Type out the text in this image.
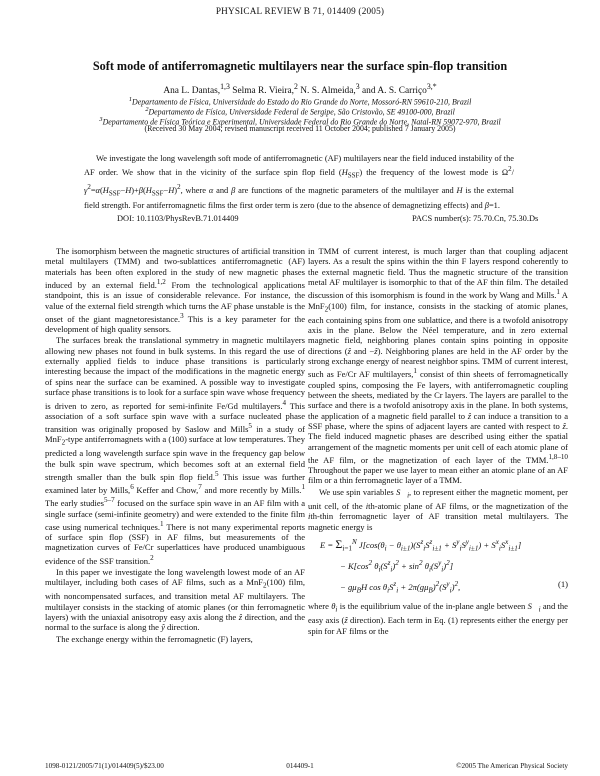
PHYSICAL REVIEW B 71, 014409 (2005)
Soft mode of antiferromagnetic multilayers near the surface spin-flop transition
Ana L. Dantas,$^{1,3}$ Selma R. Vieira,$^2$ N. S. Almeida,$^3$ and A. S. Carriço$^{3,*}$
$^1$Departamento de Física, Universidade do Estado do Rio Grande do Norte, Mossoró-RN 59610-210, Brazil
$^2$Departamento de Física, Universidade Federal de Sergipe, São Cristovão, SE 49100-000, Brazil
$^3$Departamento de Física Teórica e Experimental, Universidade Federal do Rio Grande do Norte, Natal-RN 59072-970, Brazil
(Received 30 May 2004; revised manuscript received 11 October 2004; published 7 January 2005)
We investigate the long wavelength soft mode of antiferromagnetic (AF) multilayers near the field induced instability of the AF order. We show that in the vicinity of the surface spin flop field $(H_{SSF})$ the frequency of the lowest mode is $\Omega^2/\gamma^2=\alpha(H_{SSF}-H)+\beta(H_{SSF}-H)^2$, where α and β are functions of the magnetic parameters of the multilayer and H is the external field strength. For antiferromagnetic films the first order term is zero (due to the absence of demagnetizing effects) and β=1.
DOI: 10.1103/PhysRevB.71.014409	PACS number(s): 75.70.Cn, 75.30.Ds

The isomorphism between the magnetic structures of artificial transition metal multilayers (TMM) and two-sublattices antiferromagnetic (AF) materials has been often explored in the study of new magnetic phases induced by an external field.$^{1,2}$ From the technological applications standpoint, this is an issue of considerable relevance. For instance, the value of the external field strength which turns the AF phase unstable is the onset of the giant magnetoresistance.$^3$ This is a key parameter for the development of high quality sensors.

The surfaces break the translational symmetry in magnetic multilayers allowing new phases not found in bulk systems. In this regard the use of externally applied fields to induce phase transitions is particularly interesting because the impact of the modifications in the magnetic energy of spins near the surface can be examined. A possible way to investigate surface phase transitions is to look for a surface spin wave whose frequency is driven to zero, as reported for semi-infinite Fe/Gd multilayers.$^4$ This association of a soft surface spin wave with a surface nucleated phase transition was originally proposed by Saslow and Mills$^5$ in a study of MnF$_2$-type antiferromagnets with a (100) surface at low temperatures. They predicted a long wavelength surface spin wave in the frequency gap below the bulk spin wave spectrum, which becomes soft at an external field strength smaller than the bulk spin flop field.$^5$ This issue was further examined later by Mills,$^6$ Keffer and Chow,$^7$ and more recently by Mills.$^1$ The early studies$^{5-7}$ focused on the surface spin wave in an AF film with a single surface (semi-infinite geometry) and were extended to the finite film case using numerical techniques.$^1$ There is not many experimental reports of surface spin flop (SSF) in AF films, but measurements of the magnetization curves of Fe/Cr superlattices have produced unambiguous evidence of the SSF transition.$^2$

In this paper we investigate the long wavelength lowest mode of an AF multilayer, including both cases of AF films, such as a MnF$_2$(100) film, with noncompensated surfaces, and transition metal AF multilayers. The multilayer consists in the stacking of atomic planes (or thin ferromagnetic layers) with the uniaxial anisotropy easy axis along the ẑ direction, and the normal to the surface is along the ŷ direction.

The exchange energy within the ferromagnetic (F) layers,

in TMM of current interest, is much larger than that coupling adjacent layers. As a result the spins within the thin F layers respond coherently to the external magnetic field. Thus the magnetic structure of the transition metal AF multilayer is isomorphic to that of the AF thin film. The detailed discussion of this isomorphism is found in the work by Wang and Mills.$^1$ A MnF$_2$(100) film, for instance, consists in the stacking of atomic planes, each containing spins from one sublattice, and there is a twofold anisotropy axis in the plane. Below the Néel temperature, and in zero external magnetic field, neighboring planes contain spins pointing in opposite directions (ẑ and −ẑ). Neighboring planes are held in the AF order by the strong exchange energy of nearest neighbor spins. TMM of current interest, such as Fe/Cr AF multilayers,$^1$ consist of thin sheets of ferromagnetically coupled spins, composing the Fe layers, with antiferromagnetic coupling between the sheets, mediated by the Cr layers. The layers are parallel to the surface and there is a twofold anisotropy axis in the plane. In both systems, the application of a magnetic field parallel to ẑ can induce a transition to a SSF phase, where the spins of adjacent layers are canted with respect to ẑ. The field induced magnetic phases are described using either the spatial arrangement of the magnetic moments per unit cell of each atomic plane of the AF film, or the magnetization of each layer of the TMM.$^{1,8-10}$ Throughout the paper we use layer to mean either an atomic plane of an AF film or a thin ferromagnetic layer of a TMM.

We use spin variables $S⃗_i$, to represent either the magnetic moment, per unit cell, of the ith-atomic plane of AF films, or the magnetization of the ith-thin ferromagnetic layer of AF transition metal multilayers. The magnetic energy is

$E = \Sigma_{i=1}^N$ $J[\cos(\theta_i - \theta_{i\pm 1})(S^z_iS^z_{i\pm 1} + S^y_iS^y_{i\pm 1}) + S^x_iS^x_{i\pm 1}]$
− $K[\cos^2$ $\theta_i(S^z_i)^2 + \sin^2 \theta_i(S^y_i)^2$]
− $g\mu_BH$ $\cos \theta_iS^z_i + 2\pi(g\mu_B)^2(S^y_i)^2$,	(1)

where $\theta_i$ is the equilibrium value of the in-plane angle between $S⃗_i$ and the easy axis (ẑ direction). Each term in Eq. (1) represents either the energy per spin for AF films or the

1098-0121/2005/71(1)/014409(5)/$23.00	014409-1	©2005 The American Physical Society
